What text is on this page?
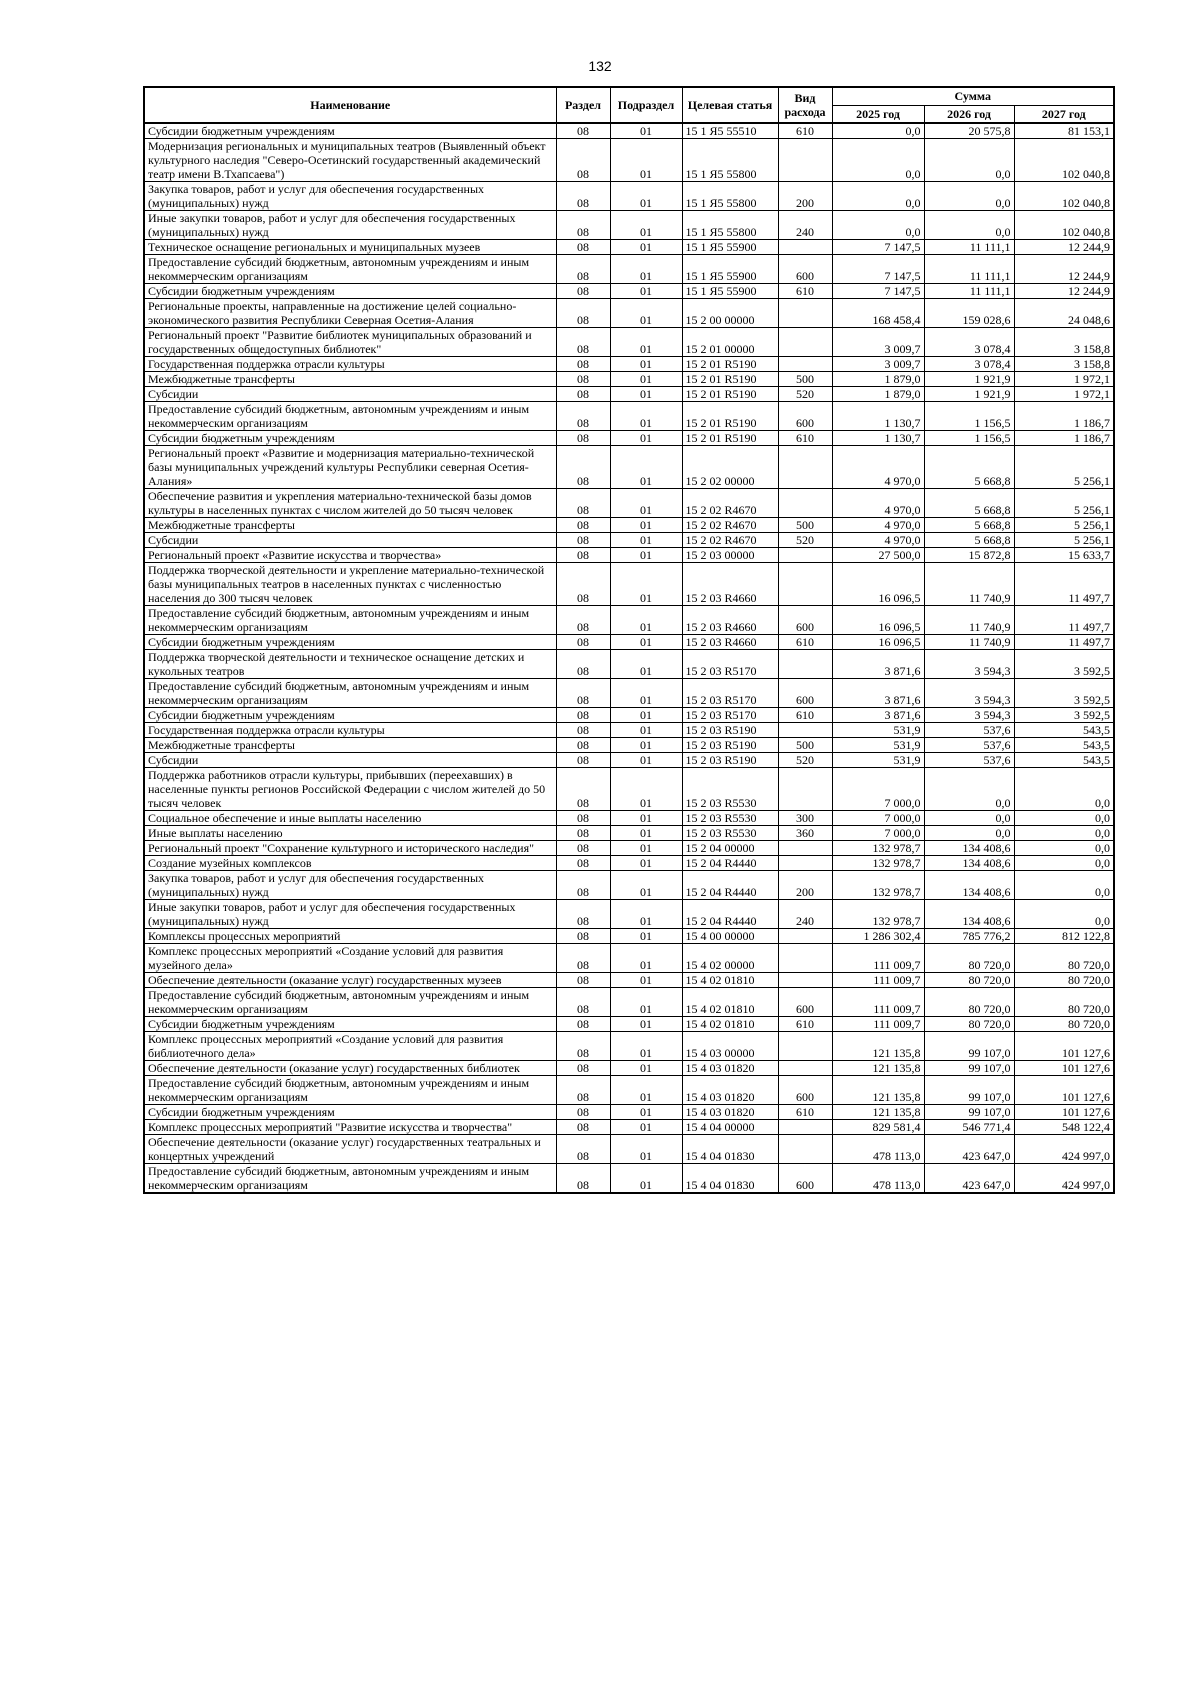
132
Наименование	Раздел	Подраздел	Целевая статья	Вид расхода	Сумма		
					2025 год	2026 год	2027 год
Субсидии бюджетным учреждениям	08	01	15 1 Я5 55510	610	0,0	20 575,8	81 153,1
Модернизация региональных и муниципальных театров (Выявленный объект культурного наследия "Северо-Осетинский государственный академический театр имени В.Тхапсаева")	08	01	15 1 Я5 55800		0,0	0,0	102 040,8
Закупка товаров, работ и услуг для обеспечения государственных (муниципальных) нужд	08	01	15 1 Я5 55800	200	0,0	0,0	102 040,8
Иные закупки товаров, работ и услуг для обеспечения государственных (муниципальных) нужд	08	01	15 1 Я5 55800	240	0,0	0,0	102 040,8
Техническое оснащение региональных и муниципальных музеев	08	01	15 1 Я5 55900		7 147,5	11 111,1	12 244,9
Предоставление субсидий бюджетным, автономным учреждениям и иным некоммерческим организациям	08	01	15 1 Я5 55900	600	7 147,5	11 111,1	12 244,9
Субсидии бюджетным учреждениям	08	01	15 1 Я5 55900	610	7 147,5	11 111,1	12 244,9
Региональные проекты, направленные на достижение целей социально-экономического развития Республики Северная Осетия-Алания	08	01	15 2 00 00000		168 458,4	159 028,6	24 048,6
Региональный проект "Развитие библиотек муниципальных образований и государственных общедоступных библиотек"	08	01	15 2 01 00000		3 009,7	3 078,4	3 158,8
Государственная поддержка отрасли культуры	08	01	15 2 01 R5190		3 009,7	3 078,4	3 158,8
Межбюджетные трансферты	08	01	15 2 01 R5190	500	1 879,0	1 921,9	1 972,1
Субсидии	08	01	15 2 01 R5190	520	1 879,0	1 921,9	1 972,1
Предоставление субсидий бюджетным, автономным учреждениям и иным некоммерческим организациям	08	01	15 2 01 R5190	600	1 130,7	1 156,5	1 186,7
Субсидии бюджетным учреждениям	08	01	15 2 01 R5190	610	1 130,7	1 156,5	1 186,7
Региональный проект «Развитие и модернизация материально-технической базы муниципальных учреждений культуры Республики северная Осетия-Алания»	08	01	15 2 02 00000		4 970,0	5 668,8	5 256,1
Обеспечение развития и укрепления материально-технической базы домов культуры в населенных пунктах с числом жителей до 50 тысяч человек	08	01	15 2 02 R4670		4 970,0	5 668,8	5 256,1
Межбюджетные трансферты	08	01	15 2 02 R4670	500	4 970,0	5 668,8	5 256,1
Субсидии	08	01	15 2 02 R4670	520	4 970,0	5 668,8	5 256,1
Региональный проект «Развитие искусства и творчества»	08	01	15 2 03 00000		27 500,0	15 872,8	15 633,7
Поддержка творческой деятельности и укрепление материально-технической базы муниципальных театров в населенных пунктах с численностью населения до 300 тысяч человек	08	01	15 2 03 R4660		16 096,5	11 740,9	11 497,7
Предоставление субсидий бюджетным, автономным учреждениям и иным некоммерческим организациям	08	01	15 2 03 R4660	600	16 096,5	11 740,9	11 497,7
Субсидии бюджетным учреждениям	08	01	15 2 03 R4660	610	16 096,5	11 740,9	11 497,7
Поддержка творческой деятельности и техническое оснащение детских и кукольных театров	08	01	15 2 03 R5170		3 871,6	3 594,3	3 592,5
Предоставление субсидий бюджетным, автономным учреждениям и иным некоммерческим организациям	08	01	15 2 03 R5170	600	3 871,6	3 594,3	3 592,5
Субсидии бюджетным учреждениям	08	01	15 2 03 R5170	610	3 871,6	3 594,3	3 592,5
Государственная поддержка отрасли культуры	08	01	15 2 03 R5190		531,9	537,6	543,5
Межбюджетные трансферты	08	01	15 2 03 R5190	500	531,9	537,6	543,5
Субсидии	08	01	15 2 03 R5190	520	531,9	537,6	543,5
Поддержка работников отрасли культуры, прибывших (переехавших) в населенные пункты регионов Российской Федерации с числом жителей до 50 тысяч человек	08	01	15 2 03 R5530		7 000,0	0,0	0,0
Социальное обеспечение и иные выплаты населению	08	01	15 2 03 R5530	300	7 000,0	0,0	0,0
Иные выплаты населению	08	01	15 2 03 R5530	360	7 000,0	0,0	0,0
Региональный проект "Сохранение культурного и исторического наследия"	08	01	15 2 04 00000		132 978,7	134 408,6	0,0
Создание музейных комплексов	08	01	15 2 04 R4440		132 978,7	134 408,6	0,0
Закупка товаров, работ и услуг для обеспечения государственных (муниципальных) нужд	08	01	15 2 04 R4440	200	132 978,7	134 408,6	0,0
Иные закупки товаров, работ и услуг для обеспечения государственных (муниципальных) нужд	08	01	15 2 04 R4440	240	132 978,7	134 408,6	0,0
Комплексы процессных мероприятий	08	01	15 4 00 00000		1 286 302,4	785 776,2	812 122,8
Комплекс процессных мероприятий «Создание условий для развития музейного дела»	08	01	15 4 02 00000		111 009,7	80 720,0	80 720,0
Обеспечение деятельности (оказание услуг) государственных музеев	08	01	15 4 02 01810		111 009,7	80 720,0	80 720,0
Предоставление субсидий бюджетным, автономным учреждениям и иным некоммерческим организациям	08	01	15 4 02 01810	600	111 009,7	80 720,0	80 720,0
Субсидии бюджетным учреждениям	08	01	15 4 02 01810	610	111 009,7	80 720,0	80 720,0
Комплекс процессных мероприятий «Создание условий для развития библиотечного дела»	08	01	15 4 03 00000		121 135,8	99 107,0	101 127,6
Обеспечение деятельности (оказание услуг) государственных библиотек	08	01	15 4 03 01820		121 135,8	99 107,0	101 127,6
Предоставление субсидий бюджетным, автономным учреждениям и иным некоммерческим организациям	08	01	15 4 03 01820	600	121 135,8	99 107,0	101 127,6
Субсидии бюджетным учреждениям	08	01	15 4 03 01820	610	121 135,8	99 107,0	101 127,6
Комплекс процессных мероприятий "Развитие искусства и творчества"	08	01	15 4 04 00000		829 581,4	546 771,4	548 122,4
Обеспечение деятельности (оказание услуг) государственных театральных и концертных учреждений	08	01	15 4 04 01830		478 113,0	423 647,0	424 997,0
Предоставление субсидий бюджетным, автономным учреждениям и иным некоммерческим организациям	08	01	15 4 04 01830	600	478 113,0	423 647,0	424 997,0
